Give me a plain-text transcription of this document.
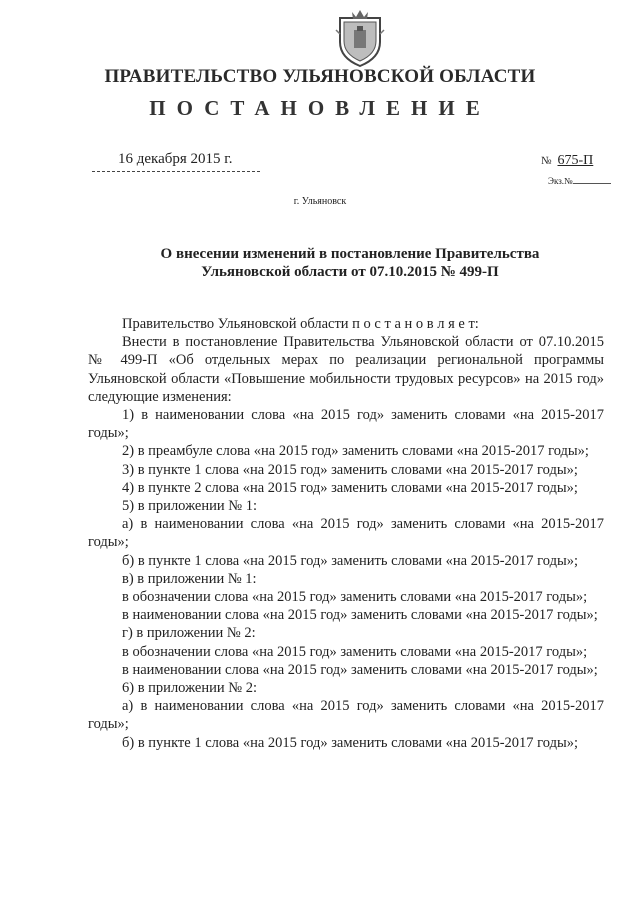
ПРАВИТЕЛЬСТВО УЛЬЯНОВСКОЙ ОБЛАСТИ
ПОСТАНОВЛЕНИЕ
16 декабря 2015 г.	№ 675-П
Экз.№
г. Ульяновск
О внесении изменений в постановление Правительства
Ульяновской области от 07.10.2015 № 499-П

Правительство Ульяновской области п о с т а н о в л я е т:

Внести в постановление Правительства Ульяновской области от 07.10.2015 № 499-П «Об отдельных мерах по реализации региональной программы Ульяновской области «Повышение мобильности трудовых ресурсов» на 2015 год» следующие изменения:

1) в наименовании слова «на 2015 год» заменить словами «на 2015-2017 годы»;

2) в преамбуле слова «на 2015 год» заменить словами «на 2015-2017 годы»;

3) в пункте 1 слова «на 2015 год» заменить словами «на 2015-2017 годы»;

4) в пункте 2 слова «на 2015 год» заменить словами «на 2015-2017 годы»;

5) в приложении № 1:

а) в наименовании слова «на 2015 год» заменить словами «на 2015-2017 годы»;

б) в пункте 1 слова «на 2015 год» заменить словами «на 2015-2017 годы»;

в) в приложении № 1:

в обозначении слова «на 2015 год» заменить словами «на 2015-2017 годы»;

в наименовании слова «на 2015 год» заменить словами «на 2015-2017 годы»;

г) в приложении № 2:

в обозначении слова «на 2015 год» заменить словами «на 2015-2017 годы»;

в наименовании слова «на 2015 год» заменить словами «на 2015-2017 годы»;

6) в приложении № 2:

а) в наименовании слова «на 2015 год» заменить словами «на 2015-2017 годы»;

б) в пункте 1 слова «на 2015 год» заменить словами «на 2015-2017 годы»;
